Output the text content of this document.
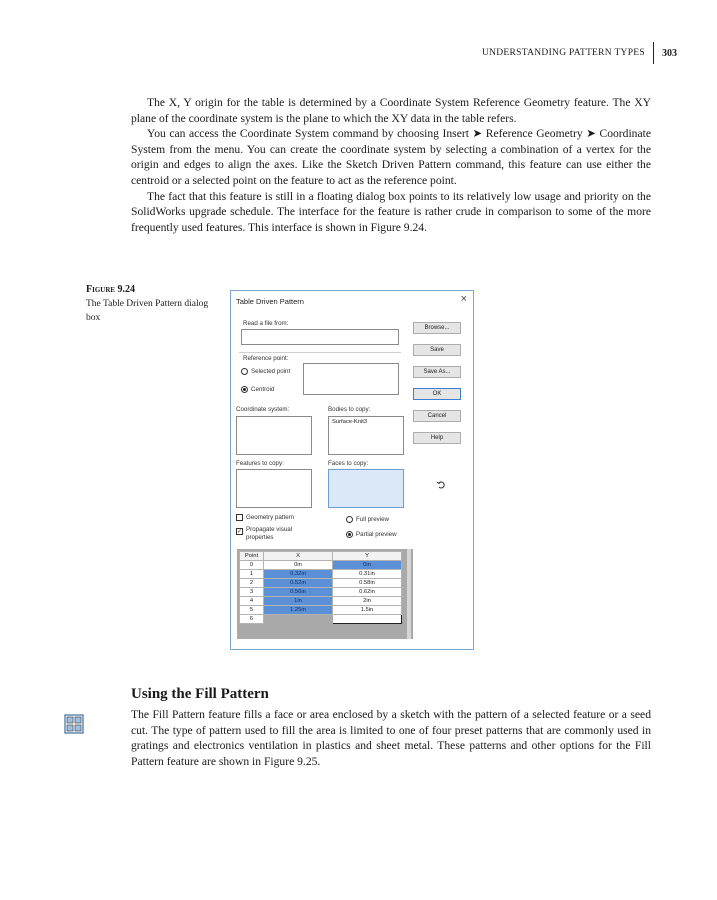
UNDERSTANDING PATTERN TYPES 303

The X, Y origin for the table is determined by a Coordinate System Reference Geometry feature. The XY plane of the coordinate system is the plane to which the XY data in the table refers.

You can access the Coordinate System command by choosing Insert ➤ Reference Geometry ➤ Coordinate System from the menu. You can create the coordinate system by selecting a combination of a vertex for the origin and edges to align the axes. Like the Sketch Driven Pattern command, this feature can use either the centroid or a selected point on the feature to act as the reference point.

The fact that this feature is still in a floating dialog box points to its relatively low usage and priority on the SolidWorks upgrade schedule. The interface for the feature is rather crude in comparison to some of the more frequently used features. This interface is shown in Figure 9.24.

Figure 9.24
The Table Driven Pattern dialog box
Table Driven Pattern	×
Read a file from:
Reference point:
Selected point
Centroid
Coordinate system:	Bodies to copy:
Surface-Knit3
Features to copy:	Faces to copy:
Geometry pattern
✓ Propagate visual
properties
Full preview
Partial preview
Browse...
Save
Save As...
OK
Cancel
Help
Point	X	Y
0	0in	0in
1	0.32in	0.31in
2	0.52in	0.58in
3	0.56in	0.62in
4	1in	2in
5	1.25in	1.5in
6		
Using the Fill Pattern

The Fill Pattern feature fills a face or area enclosed by a sketch with the pattern of a selected feature or a seed cut. The type of pattern used to fill the area is limited to one of four preset patterns that are commonly used in gratings and electronics ventilation in plastics and sheet metal. These patterns and other options for the Fill Pattern feature are shown in Figure 9.25.
